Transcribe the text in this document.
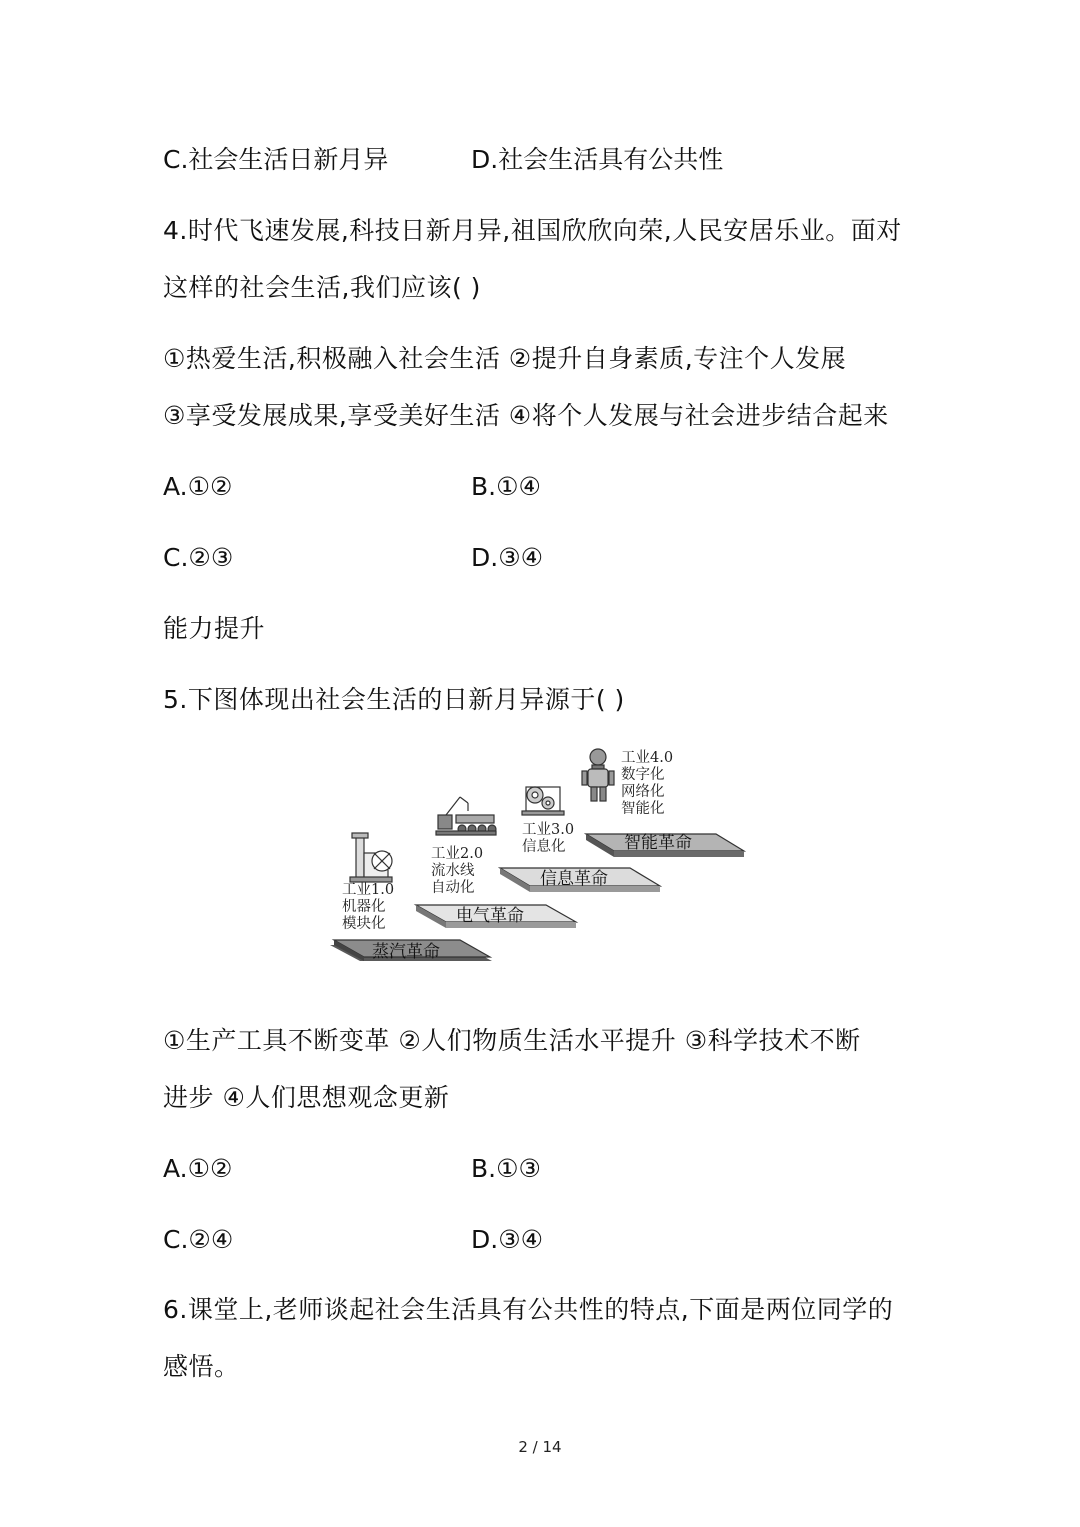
C.社会生活日新月异	D.社会生活具有公共性
4.时代飞速发展,科技日新月异,祖国欣欣向荣,人民安居乐业。面对
这样的社会生活,我们应该( )
①热爱生活,积极融入社会生活 ②提升自身素质,专注个人发展
③享受发展成果,享受美好生活 ④将个人发展与社会进步结合起来
A.①②	B.①④
C.②③	D.③④
能力提升
5.下图体现出社会生活的日新月异源于( )
蒸汽革命
电气革命
信息革命
智能革命
工业1.0
机器化
模块化
工业2.0
流水线
自动化
工业3.0
信息化
工业4.0
数字化
网络化
智能化
①生产工具不断变革 ②人们物质生活水平提升 ③科学技术不断
进步 ④人们思想观念更新
A.①②	B.①③
C.②④	D.③④
6.课堂上,老师谈起社会生活具有公共性的特点,下面是两位同学的
感悟。
2 / 14
